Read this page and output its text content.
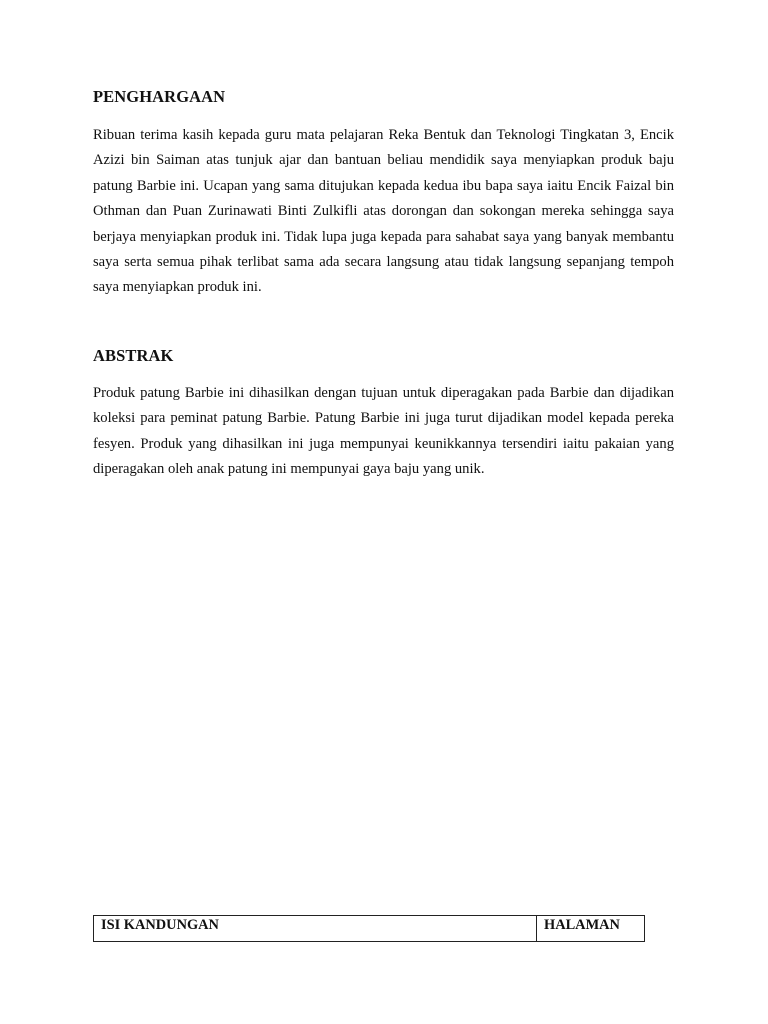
PENGHARGAAN

Ribuan terima kasih kepada guru mata pelajaran Reka Bentuk dan Teknologi Tingkatan 3, Encik Azizi bin Saiman atas tunjuk ajar dan bantuan beliau mendidik saya menyiapkan produk baju patung Barbie ini. Ucapan yang sama ditujukan kepada kedua ibu bapa saya iaitu Encik Faizal bin Othman dan Puan Zurinawati Binti Zulkifli atas dorongan dan sokongan mereka sehingga saya berjaya menyiapkan produk ini. Tidak lupa juga kepada para sahabat saya yang banyak membantu saya serta semua pihak terlibat sama ada secara langsung atau tidak langsung sepanjang tempoh saya menyiapkan produk ini.

ABSTRAK

Produk patung Barbie ini dihasilkan dengan tujuan untuk diperagakan pada Barbie dan dijadikan koleksi para peminat patung Barbie. Patung Barbie ini juga turut dijadikan model kepada pereka fesyen. Produk yang dihasilkan ini juga mempunyai keunikkannya tersendiri iaitu pakaian yang diperagakan oleh anak patung ini mempunyai gaya baju yang unik.

ISI KANDUNGAN	HALAMAN
